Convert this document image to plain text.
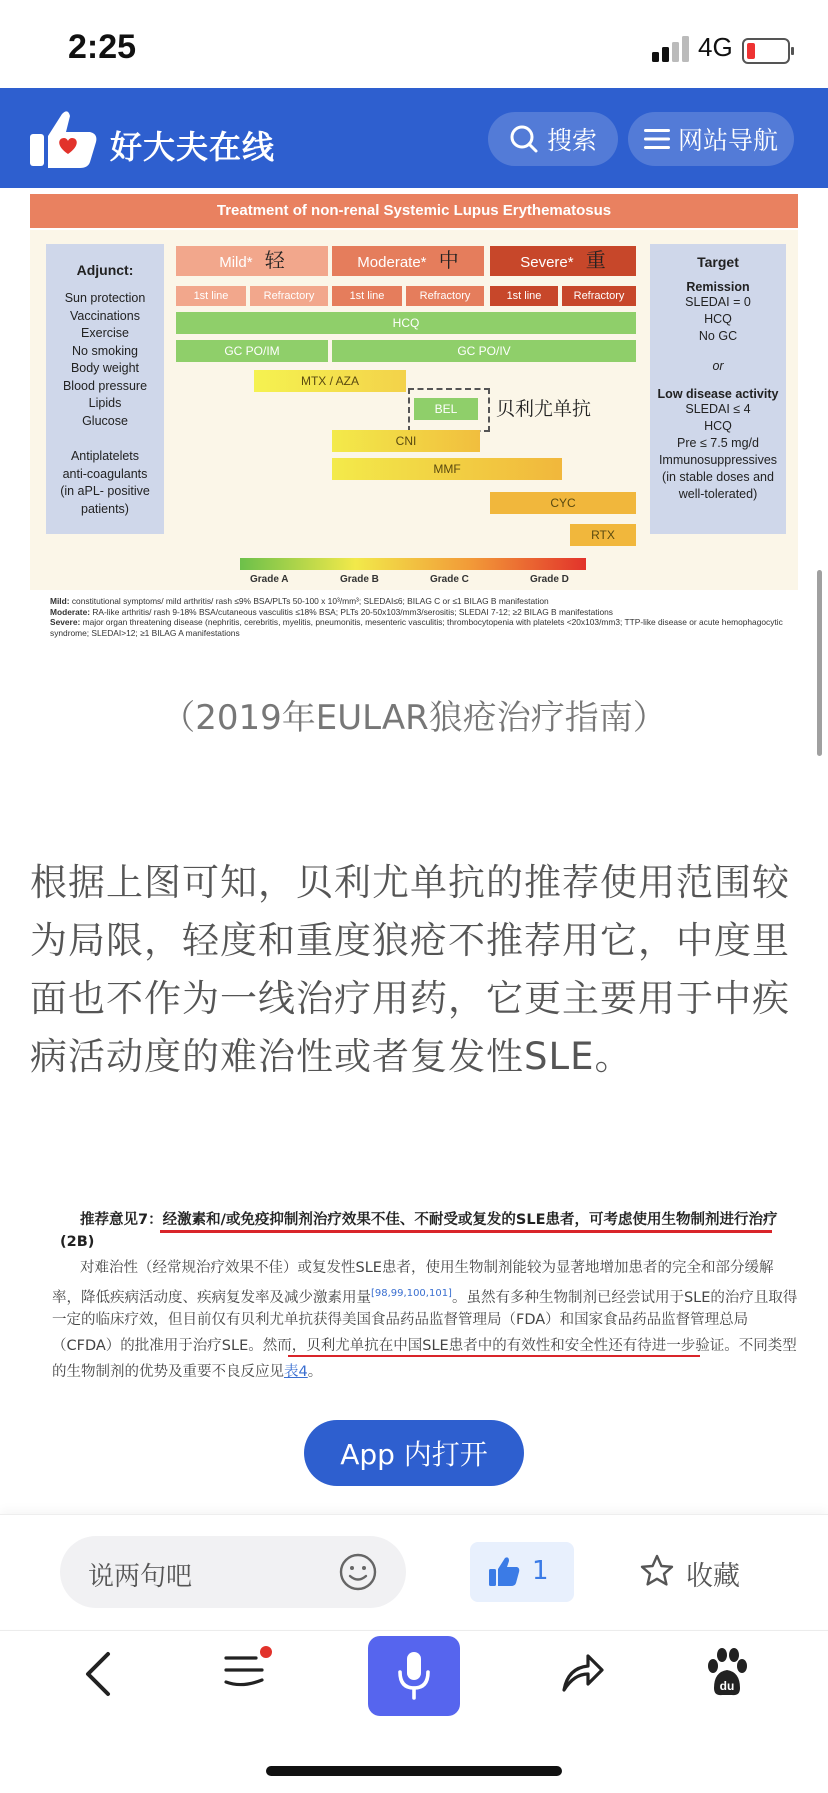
2:25	4G
好大夫在线	搜索	网站导航
Treatment of non-renal Systemic Lupus Erythematosus
Adjunct:
Sun protection
Vaccinations
Exercise
No smoking
Body weight
Blood pressure
Lipids
Glucose
Antiplatelets
anti-coagulants
(in aPL- positive
patients)
Mild* 轻	Moderate* 中	Severe* 重
1st line	Refractory	1st line	Refractory	1st line	Refractory
HCQ
GC PO/IM	GC PO/IV
MTX / AZA
BEL	贝利尤单抗
CNI
MMF
CYC
RTX
Target
Remission
SLEDAI = 0
HCQ
No GC
or
Low disease activity
SLEDAI ≤ 4
HCQ
Pre ≤ 7.5 mg/d
Immunosuppressives
(in stable doses and
well-tolerated)
Grade A	Grade B	Grade C	Grade D
Mild: constitutional symptoms/ mild arthritis/ rash ≤9% BSA/PLTs 50-100 x 10³/mm³; SLEDAI≤6; BILAG C or ≤1 BILAG B manifestation
Moderate: RA-like arthritis/ rash 9-18% BSA/cutaneous vasculitis ≤18% BSA; PLTs 20-50x103/mm3/serositis; SLEDAI 7-12; ≥2 BILAG B manifestations
Severe: major organ threatening disease (nephritis, cerebritis, myelitis, pneumonitis, mesenteric vasculitis; thrombocytopenia with platelets <20x103/mm3; TTP-like disease or acute hemophagocytic syndrome; SLEDAI>12; ≥1 BILAG A manifestations
（2019年EULAR狼疮治疗指南）
根据上图可知，贝利尤单抗的推荐使用范围较为局限，轻度和重度狼疮不推荐用它，中度里面也不作为一线治疗用药，它更主要用于中疾病活动度的难治性或者复发性SLE。
推荐意见7：经激素和/或免疫抑制剂治疗效果不佳、不耐受或复发的SLE患者，可考虑使用生物制剂进行治疗
(2B)
对难治性（经常规治疗效果不佳）或复发性SLE患者，使用生物制剂能较为显著地增加患者的完全和部分缓解
率，降低疾病活动度、疾病复发率及减少激素用量[98,99,100,101]。虽然有多种生物制剂已经尝试用于SLE的治疗且取得
一定的临床疗效，但目前仅有贝利尤单抗获得美国食品药品监督管理局（FDA）和国家食品药品监督管理总局
（CFDA）的批准用于治疗SLE。然而，贝利尤单抗在中国SLE患者中的有效性和安全性还有待进一步验证。不同类型
的生物制剂的优势及重要不良反应见表4。
App 内打开
说两句吧	1	收藏
du
